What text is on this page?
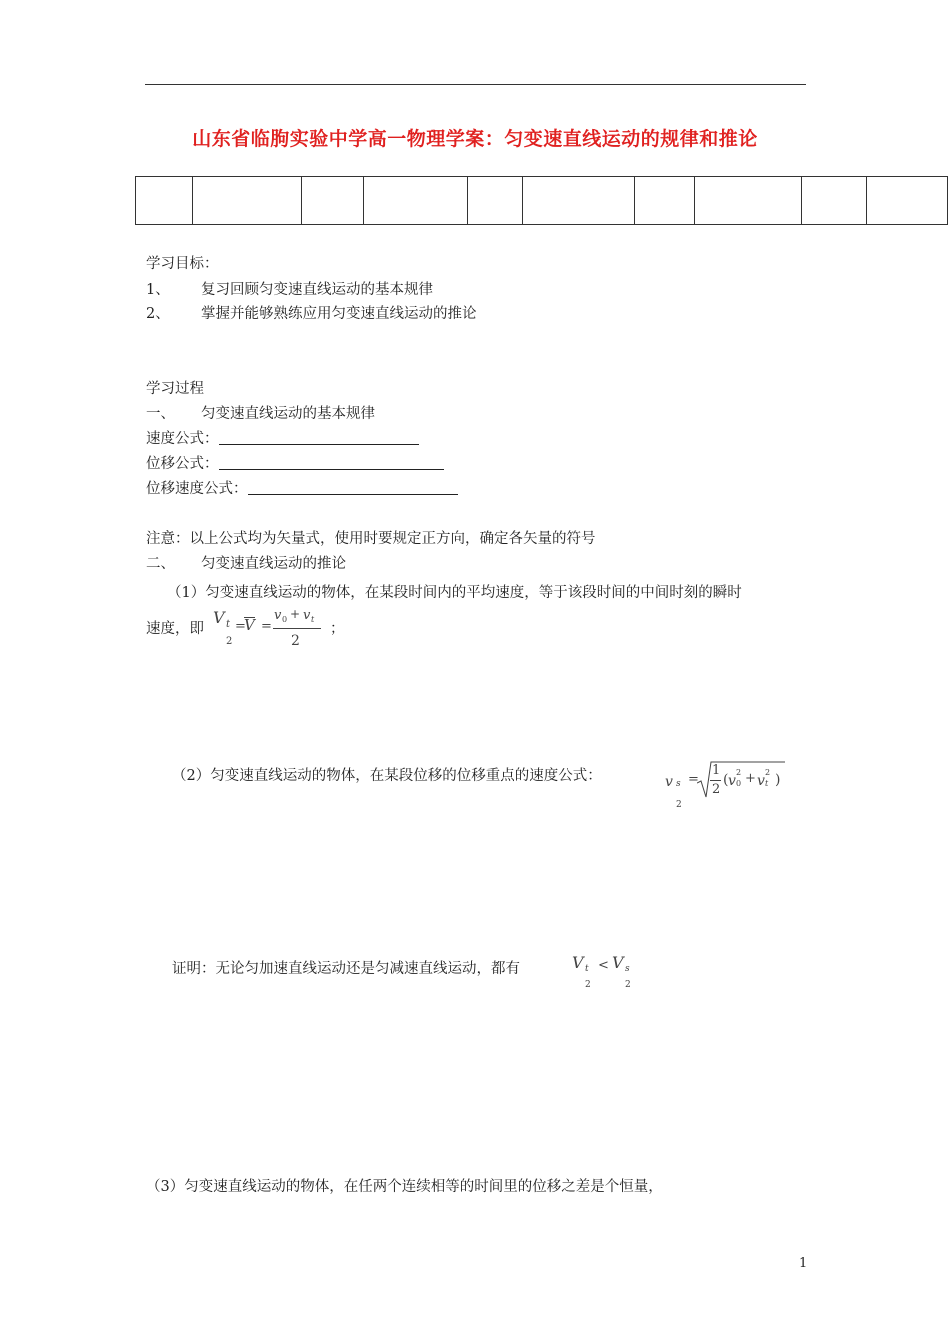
山东省临朐实验中学高一物理学案：匀变速直线运动的规律和推论

学习目标：
1、 复习回顾匀变速直线运动的基本规律
2、 掌握并能够熟练应用匀变速直线运动的推论
学习过程
一、 匀变速直线运动的基本规律
速度公式：
位移公式：
位移速度公式：
注意：以上公式均为矢量式，使用时要规定正方向，确定各矢量的符号
二、 匀变速直线运动的推论
（1）匀变速直线运动的物体，在某段时间内的平均速度，等于该段时间的中间时刻的瞬时
速度，即
V t
2
=
V =
v 0 + v t
2
；
（2）匀变速直线运动的物体，在某段位移的位移重点的速度公式：	v s
2
=
1
2
( v
2
0 + v
2
t )
证明：无论匀加速直线运动还是匀减速直线运动，都有	V t
2
< V s
2
（3）匀变速直线运动的物体，在任两个连续相等的时间里的位移之差是个恒量，
1
